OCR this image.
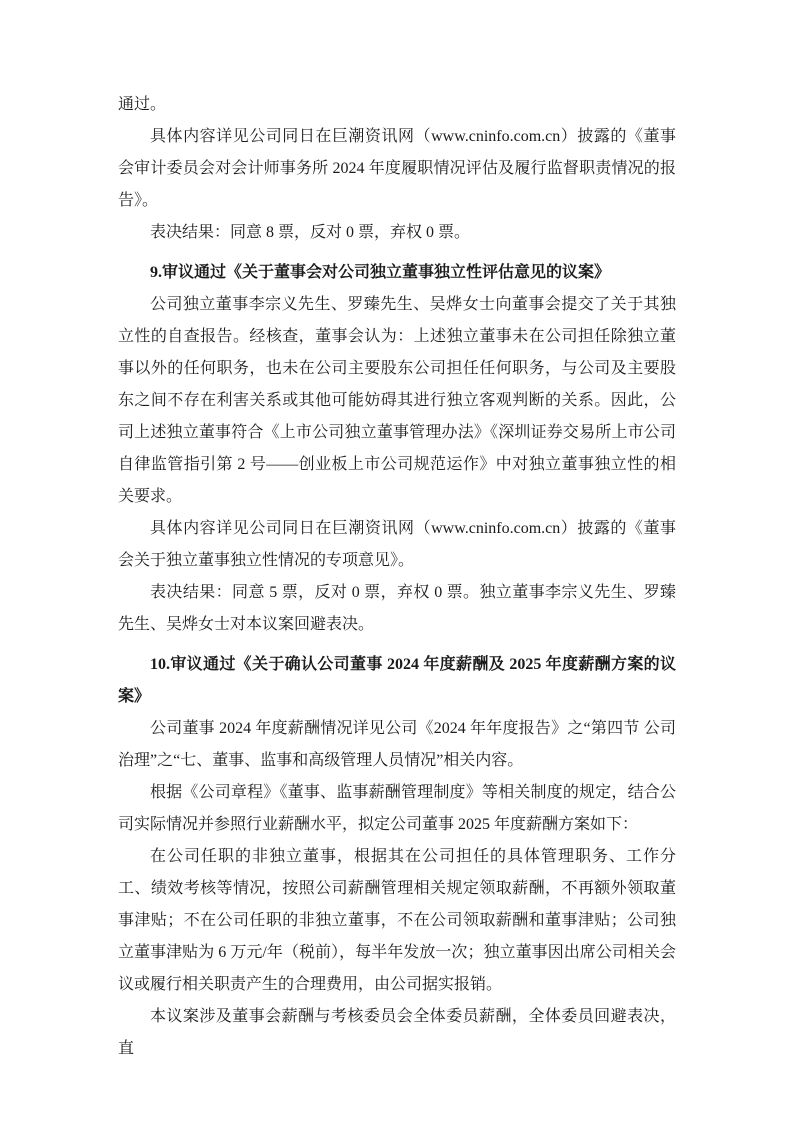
通过。

具体内容详见公司同日在巨潮资讯网（www.cninfo.com.cn）披露的《董事会审计委员会对会计师事务所 2024 年度履职情况评估及履行监督职责情况的报告》。

表决结果：同意 8 票，反对 0 票，弃权 0 票。

9.审议通过《关于董事会对公司独立董事独立性评估意见的议案》

公司独立董事李宗义先生、罗臻先生、吴烨女士向董事会提交了关于其独立性的自查报告。经核查，董事会认为：上述独立董事未在公司担任除独立董事以外的任何职务，也未在公司主要股东公司担任任何职务，与公司及主要股东之间不存在利害关系或其他可能妨碍其进行独立客观判断的关系。因此，公司上述独立董事符合《上市公司独立董事管理办法》《深圳证券交易所上市公司自律监管指引第 2 号——创业板上市公司规范运作》中对独立董事独立性的相关要求。

具体内容详见公司同日在巨潮资讯网（www.cninfo.com.cn）披露的《董事会关于独立董事独立性情况的专项意见》。

表决结果：同意 5 票，反对 0 票，弃权 0 票。独立董事李宗义先生、罗臻先生、吴烨女士对本议案回避表决。

10.审议通过《关于确认公司董事 2024 年度薪酬及 2025 年度薪酬方案的议案》

公司董事 2024 年度薪酬情况详见公司《2024 年年度报告》之“第四节 公司治理”之“七、董事、监事和高级管理人员情况”相关内容。

根据《公司章程》《董事、监事薪酬管理制度》等相关制度的规定，结合公司实际情况并参照行业薪酬水平，拟定公司董事 2025 年度薪酬方案如下：

在公司任职的非独立董事，根据其在公司担任的具体管理职务、工作分工、绩效考核等情况，按照公司薪酬管理相关规定领取薪酬，不再额外领取董事津贴；不在公司任职的非独立董事，不在公司领取薪酬和董事津贴；公司独立董事津贴为 6 万元/年（税前），每半年发放一次；独立董事因出席公司相关会议或履行相关职责产生的合理费用，由公司据实报销。

本议案涉及董事会薪酬与考核委员会全体委员薪酬，全体委员回避表决，直
